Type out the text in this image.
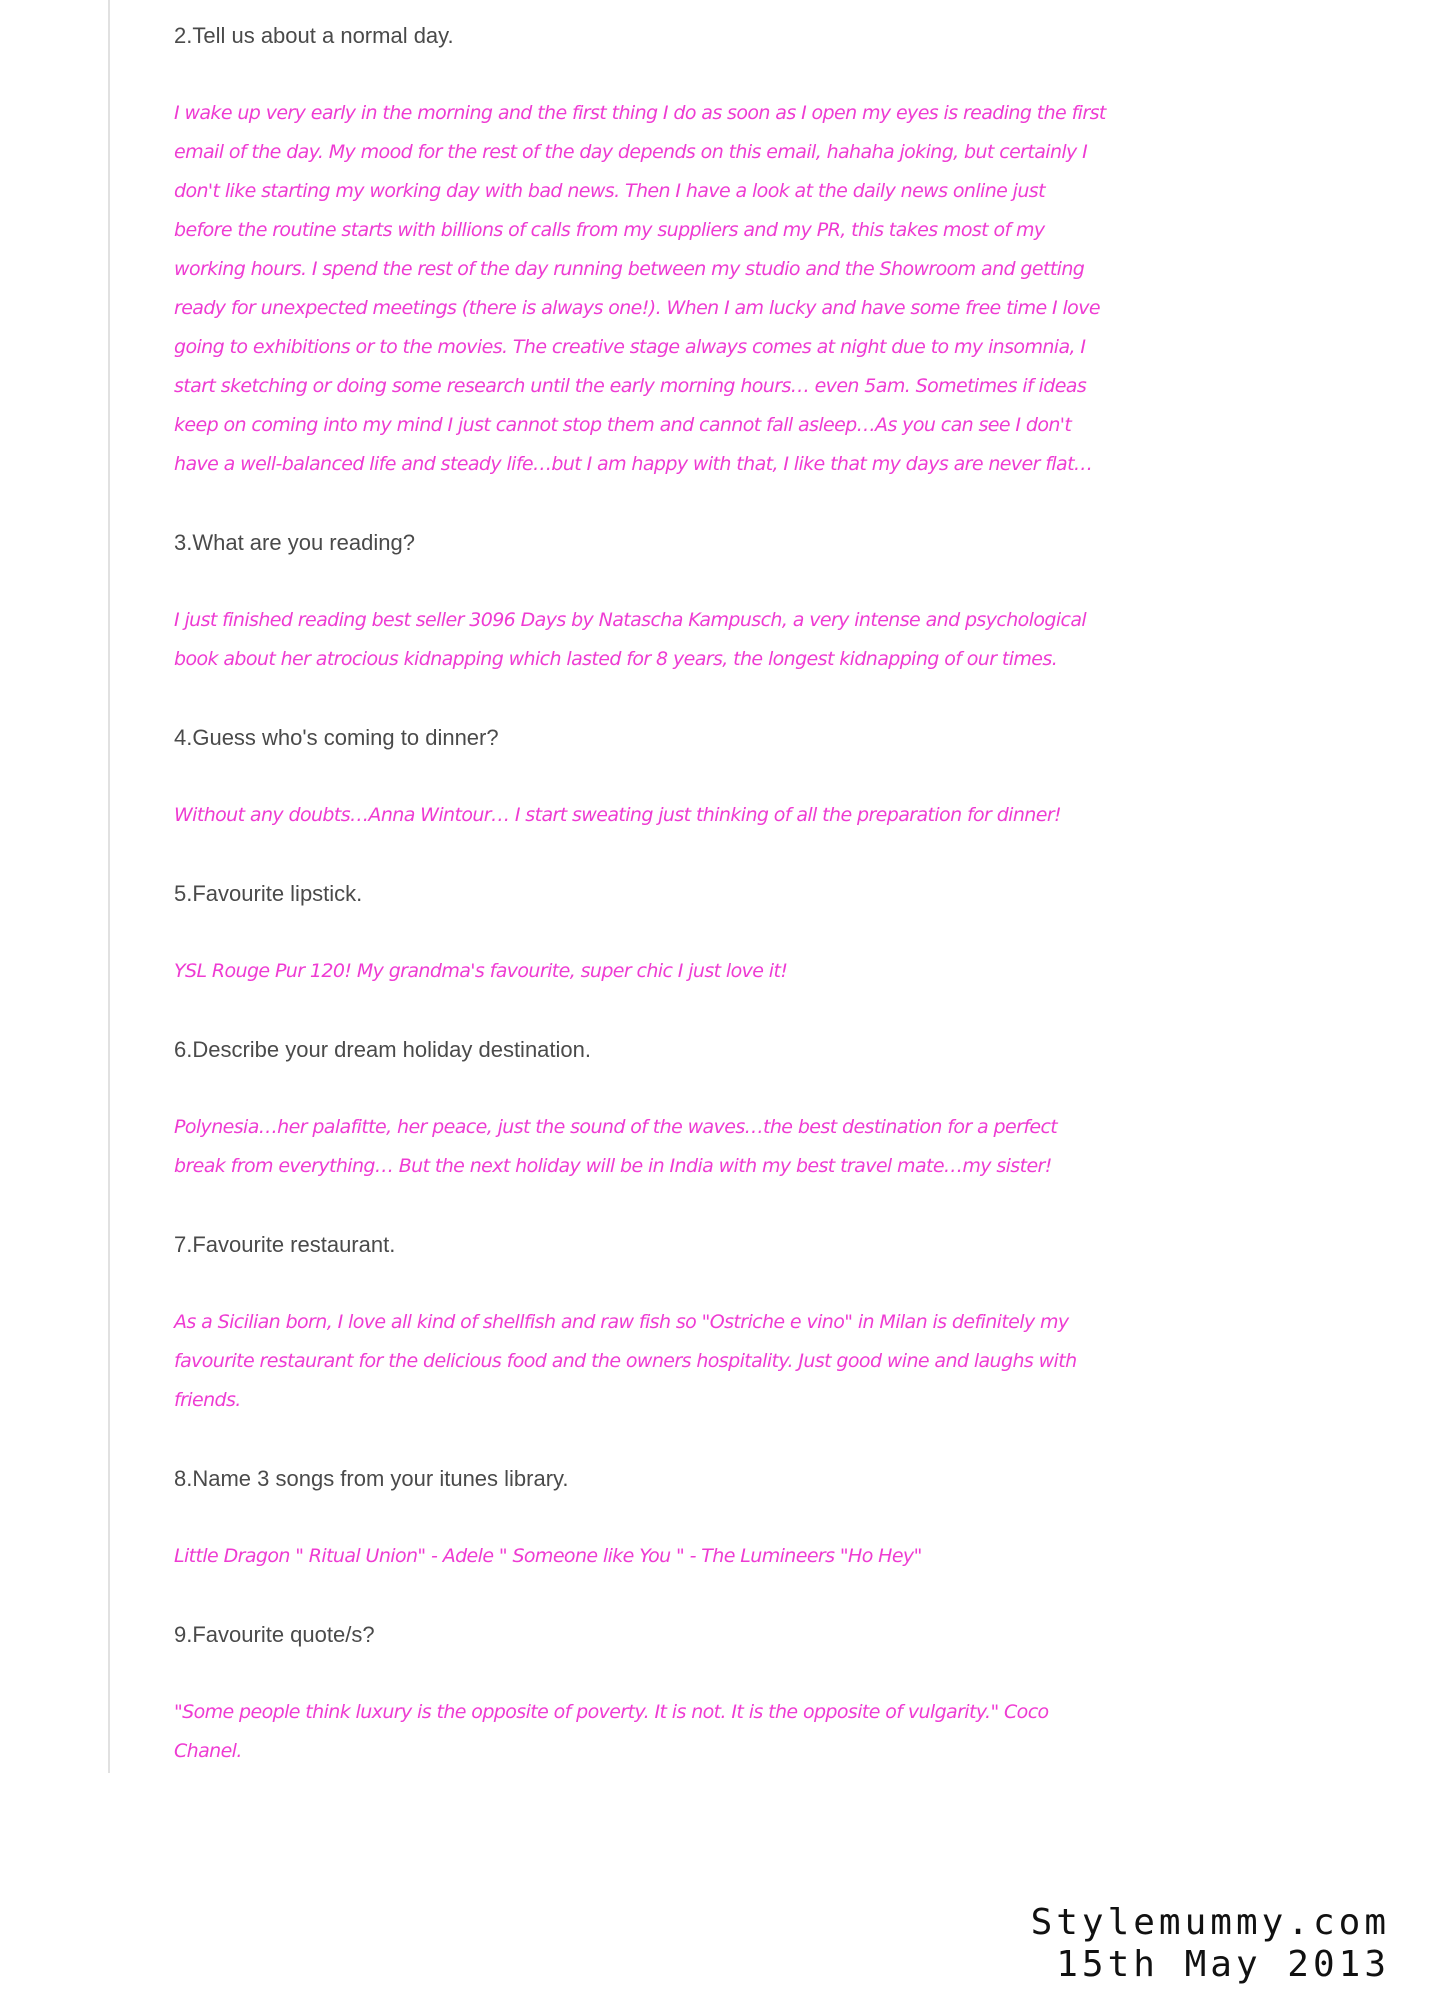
2.Tell us about a normal day.

I wake up very early in the morning and the first thing I do as soon as I open my eyes is reading the first
email of the day. My mood for the rest of the day depends on this email, hahaha joking, but certainly I
don't like starting my working day with bad news. Then I have a look at the daily news online just
before the routine starts with billions of calls from my suppliers and my PR, this takes most of my
working hours. I spend the rest of the day running between my studio and the Showroom and getting
ready for unexpected meetings (there is always one!). When I am lucky and have some free time I love
going to exhibitions or to the movies. The creative stage always comes at night due to my insomnia, I
start sketching or doing some research until the early morning hours… even 5am. Sometimes if ideas
keep on coming into my mind I just cannot stop them and cannot fall asleep…As you can see I don't
have a well-balanced life and steady life…but I am happy with that, I like that my days are never flat…

3.What are you reading?

I just finished reading best seller 3096 Days by Natascha Kampusch, a very intense and psychological
book about her atrocious kidnapping which lasted for 8 years, the longest kidnapping of our times.

4.Guess who's coming to dinner?

Without any doubts…Anna Wintour… I start sweating just thinking of all the preparation for dinner!

5.Favourite lipstick.

YSL Rouge Pur 120! My grandma's favourite, super chic I just love it!

6.Describe your dream holiday destination.

Polynesia…her palafitte, her peace, just the sound of the waves…the best destination for a perfect
break from everything… But the next holiday will be in India with my best travel mate…my sister!

7.Favourite restaurant.

As a Sicilian born, I love all kind of shellfish and raw fish so "Ostriche e vino" in Milan is definitely my
favourite restaurant for the delicious food and the owners hospitality. Just good wine and laughs with
friends.

8.Name 3 songs from your itunes library.

Little Dragon " Ritual Union" - Adele " Someone like You " - The Lumineers "Ho Hey"

9.Favourite quote/s?

"Some people think luxury is the opposite of poverty. It is not. It is the opposite of vulgarity." Coco
Chanel.

Stylemummy.com
15th May 2013
